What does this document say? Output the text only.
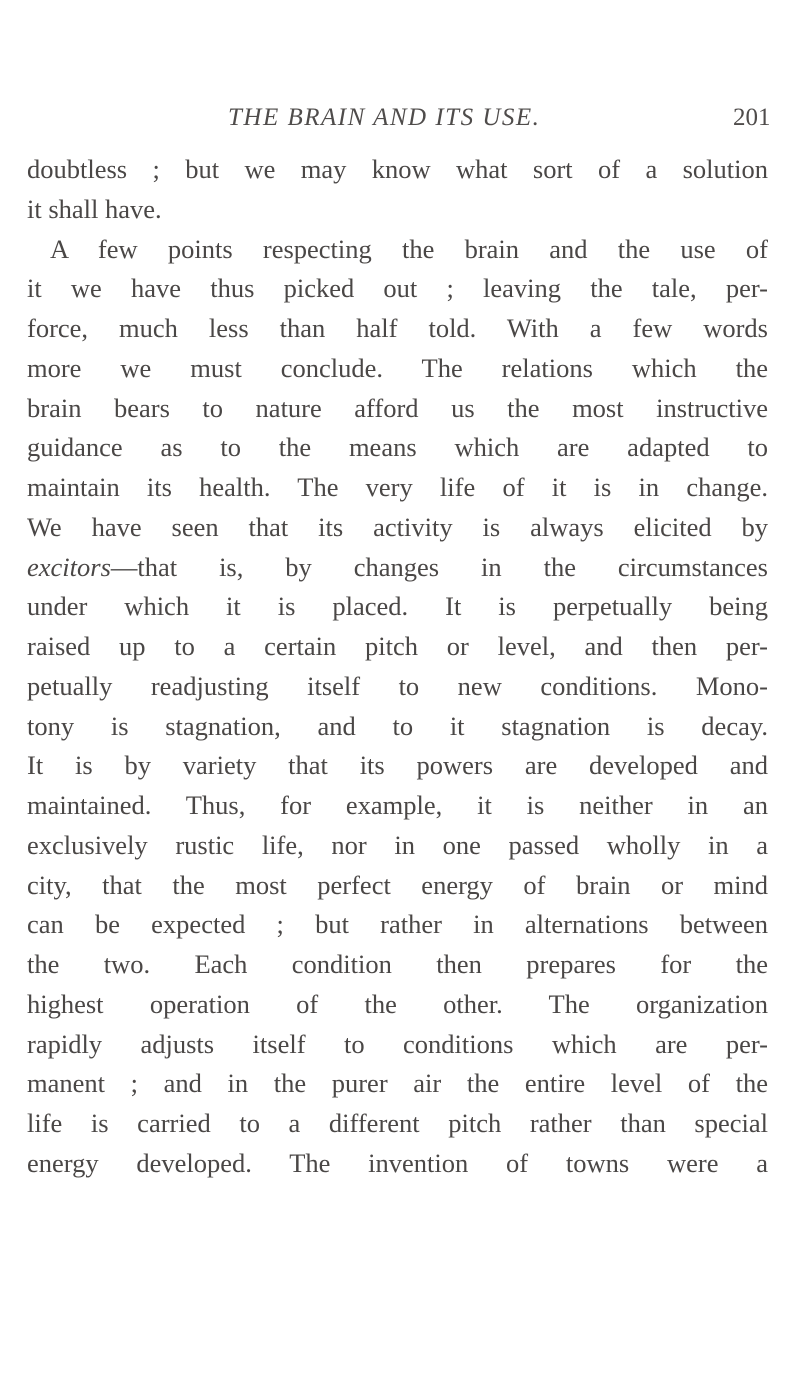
THE BRAIN AND ITS USE.	201
doubtless ; but we may know what sort of a solution
it shall have.
A few points respecting the brain and the use of
it we have thus picked out ; leaving the tale, per-
force, much less than half told. With a few words
more we must conclude. The relations which the
brain bears to nature afford us the most instructive
guidance as to the means which are adapted to
maintain its health. The very life of it is in change.
We have seen that its activity is always elicited by
excitors—that is, by changes in the circumstances
under which it is placed. It is perpetually being
raised up to a certain pitch or level, and then per-
petually readjusting itself to new conditions. Mono-
tony is stagnation, and to it stagnation is decay.
It is by variety that its powers are developed and
maintained. Thus, for example, it is neither in an
exclusively rustic life, nor in one passed wholly in a
city, that the most perfect energy of brain or mind
can be expected ; but rather in alternations between
the two. Each condition then prepares for the
highest operation of the other. The organization
rapidly adjusts itself to conditions which are per-
manent ; and in the purer air the entire level of the
life is carried to a different pitch rather than special
energy developed. The invention of towns were a
